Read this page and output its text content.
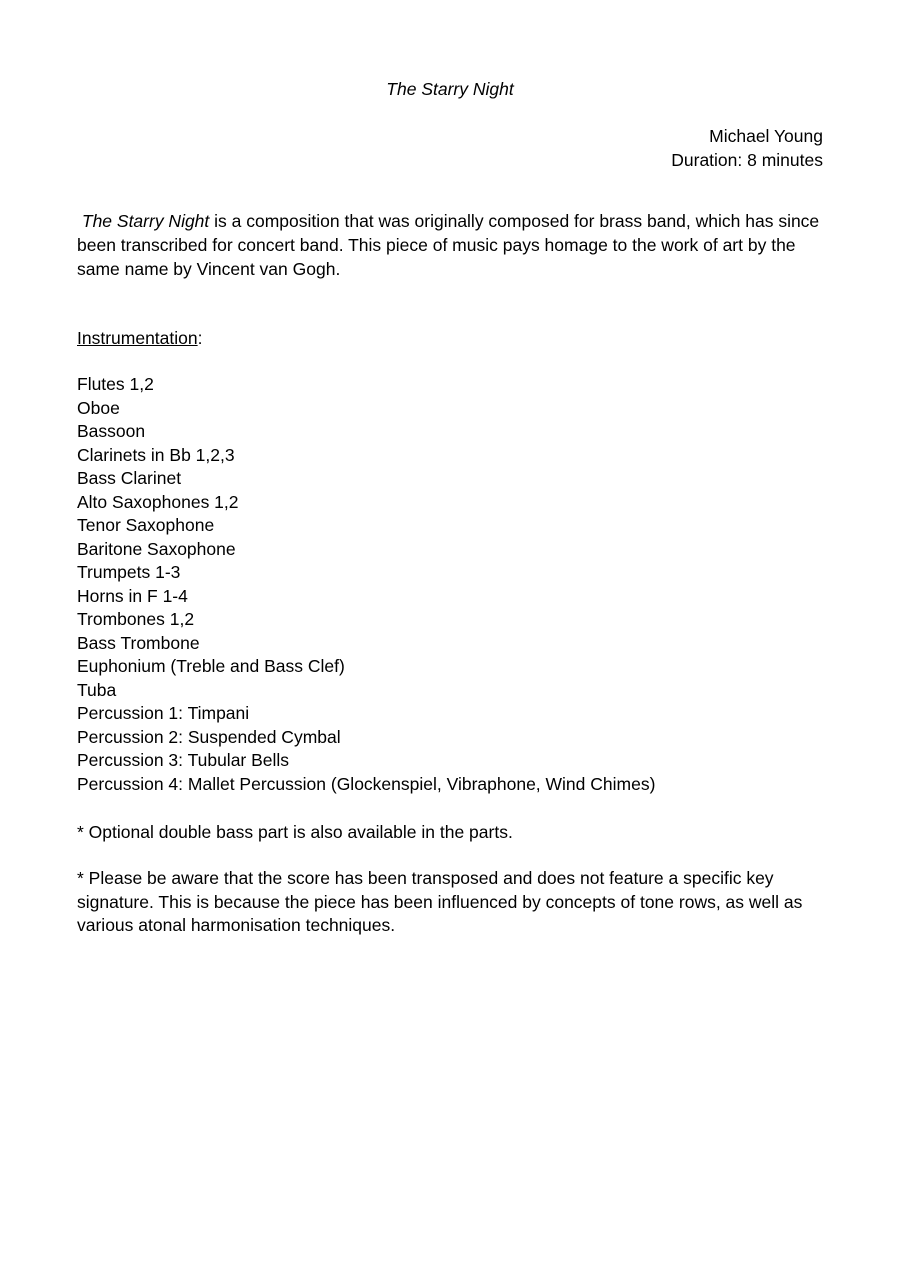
The Starry Night
Michael Young
Duration: 8 minutes
The Starry Night is a composition that was originally composed for brass band, which has since been transcribed for concert band. This piece of music pays homage to the work of art by the same name by Vincent van Gogh.
Instrumentation:
Flutes 1,2
Oboe
Bassoon
Clarinets in Bb 1,2,3
Bass Clarinet
Alto Saxophones 1,2
Tenor Saxophone
Baritone Saxophone
Trumpets 1-3
Horns in F 1-4
Trombones 1,2
Bass Trombone
Euphonium (Treble and Bass Clef)
Tuba
Percussion 1: Timpani
Percussion 2: Suspended Cymbal
Percussion 3: Tubular Bells
Percussion 4: Mallet Percussion (Glockenspiel, Vibraphone, Wind Chimes)
* Optional double bass part is also available in the parts.
* Please be aware that the score has been transposed and does not feature a specific key signature. This is because the piece has been influenced by concepts of tone rows, as well as various atonal harmonisation techniques.
